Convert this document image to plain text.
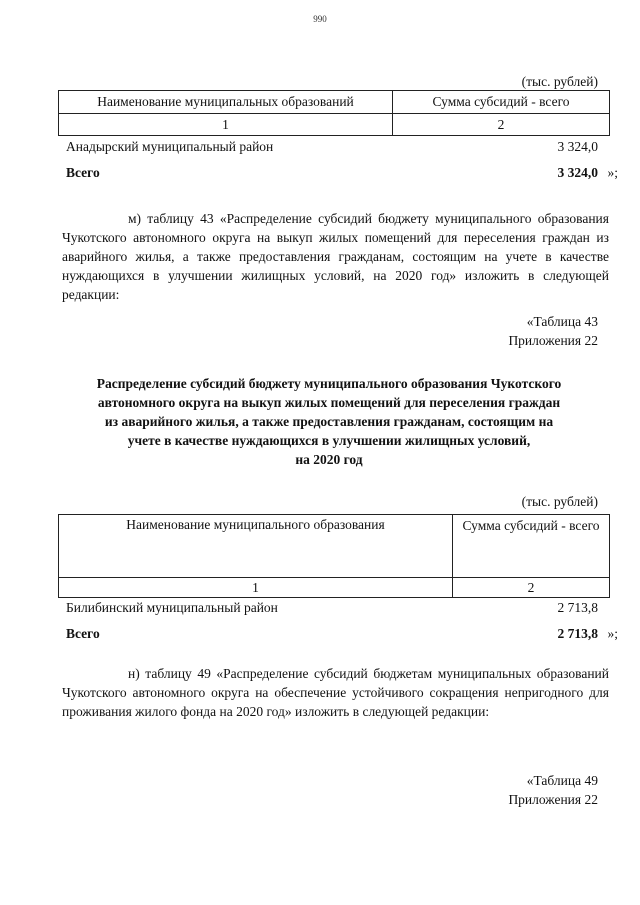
990
(тыс. рублей)
Наименование муниципальных образований	Сумма субсидий - всего
1	2
Анадырский муниципальный район	3 324,0
Всего	3 324,0 »;

м) таблицу 43 «Распределение субсидий бюджету муниципального образования Чукотского автономного округа на выкуп жилых помещений для переселения граждан из аварийного жилья, а также предоставления гражданам, состоящим на учете в качестве нуждающихся в улучшении жилищных условий, на 2020 год» изложить в следующей редакции:

«Таблица 43
Приложения 22
Распределение субсидий бюджету муниципального образования Чукотского
автономного округа на выкуп жилых помещений для переселения граждан
из аварийного жилья, а также предоставления гражданам, состоящим на
учете в качестве нуждающихся в улучшении жилищных условий,
на 2020 год
(тыс. рублей)
Наименование муниципального образования	Сумма субсидий - всего
1	2
Билибинский муниципальный район	2 713,8
Всего	2 713,8 »;

н) таблицу 49 «Распределение субсидий бюджетам муниципальных образований Чукотского автономного округа на обеспечение устойчивого сокращения непригодного для проживания жилого фонда на 2020 год» изложить в следующей редакции:

«Таблица 49
Приложения 22
